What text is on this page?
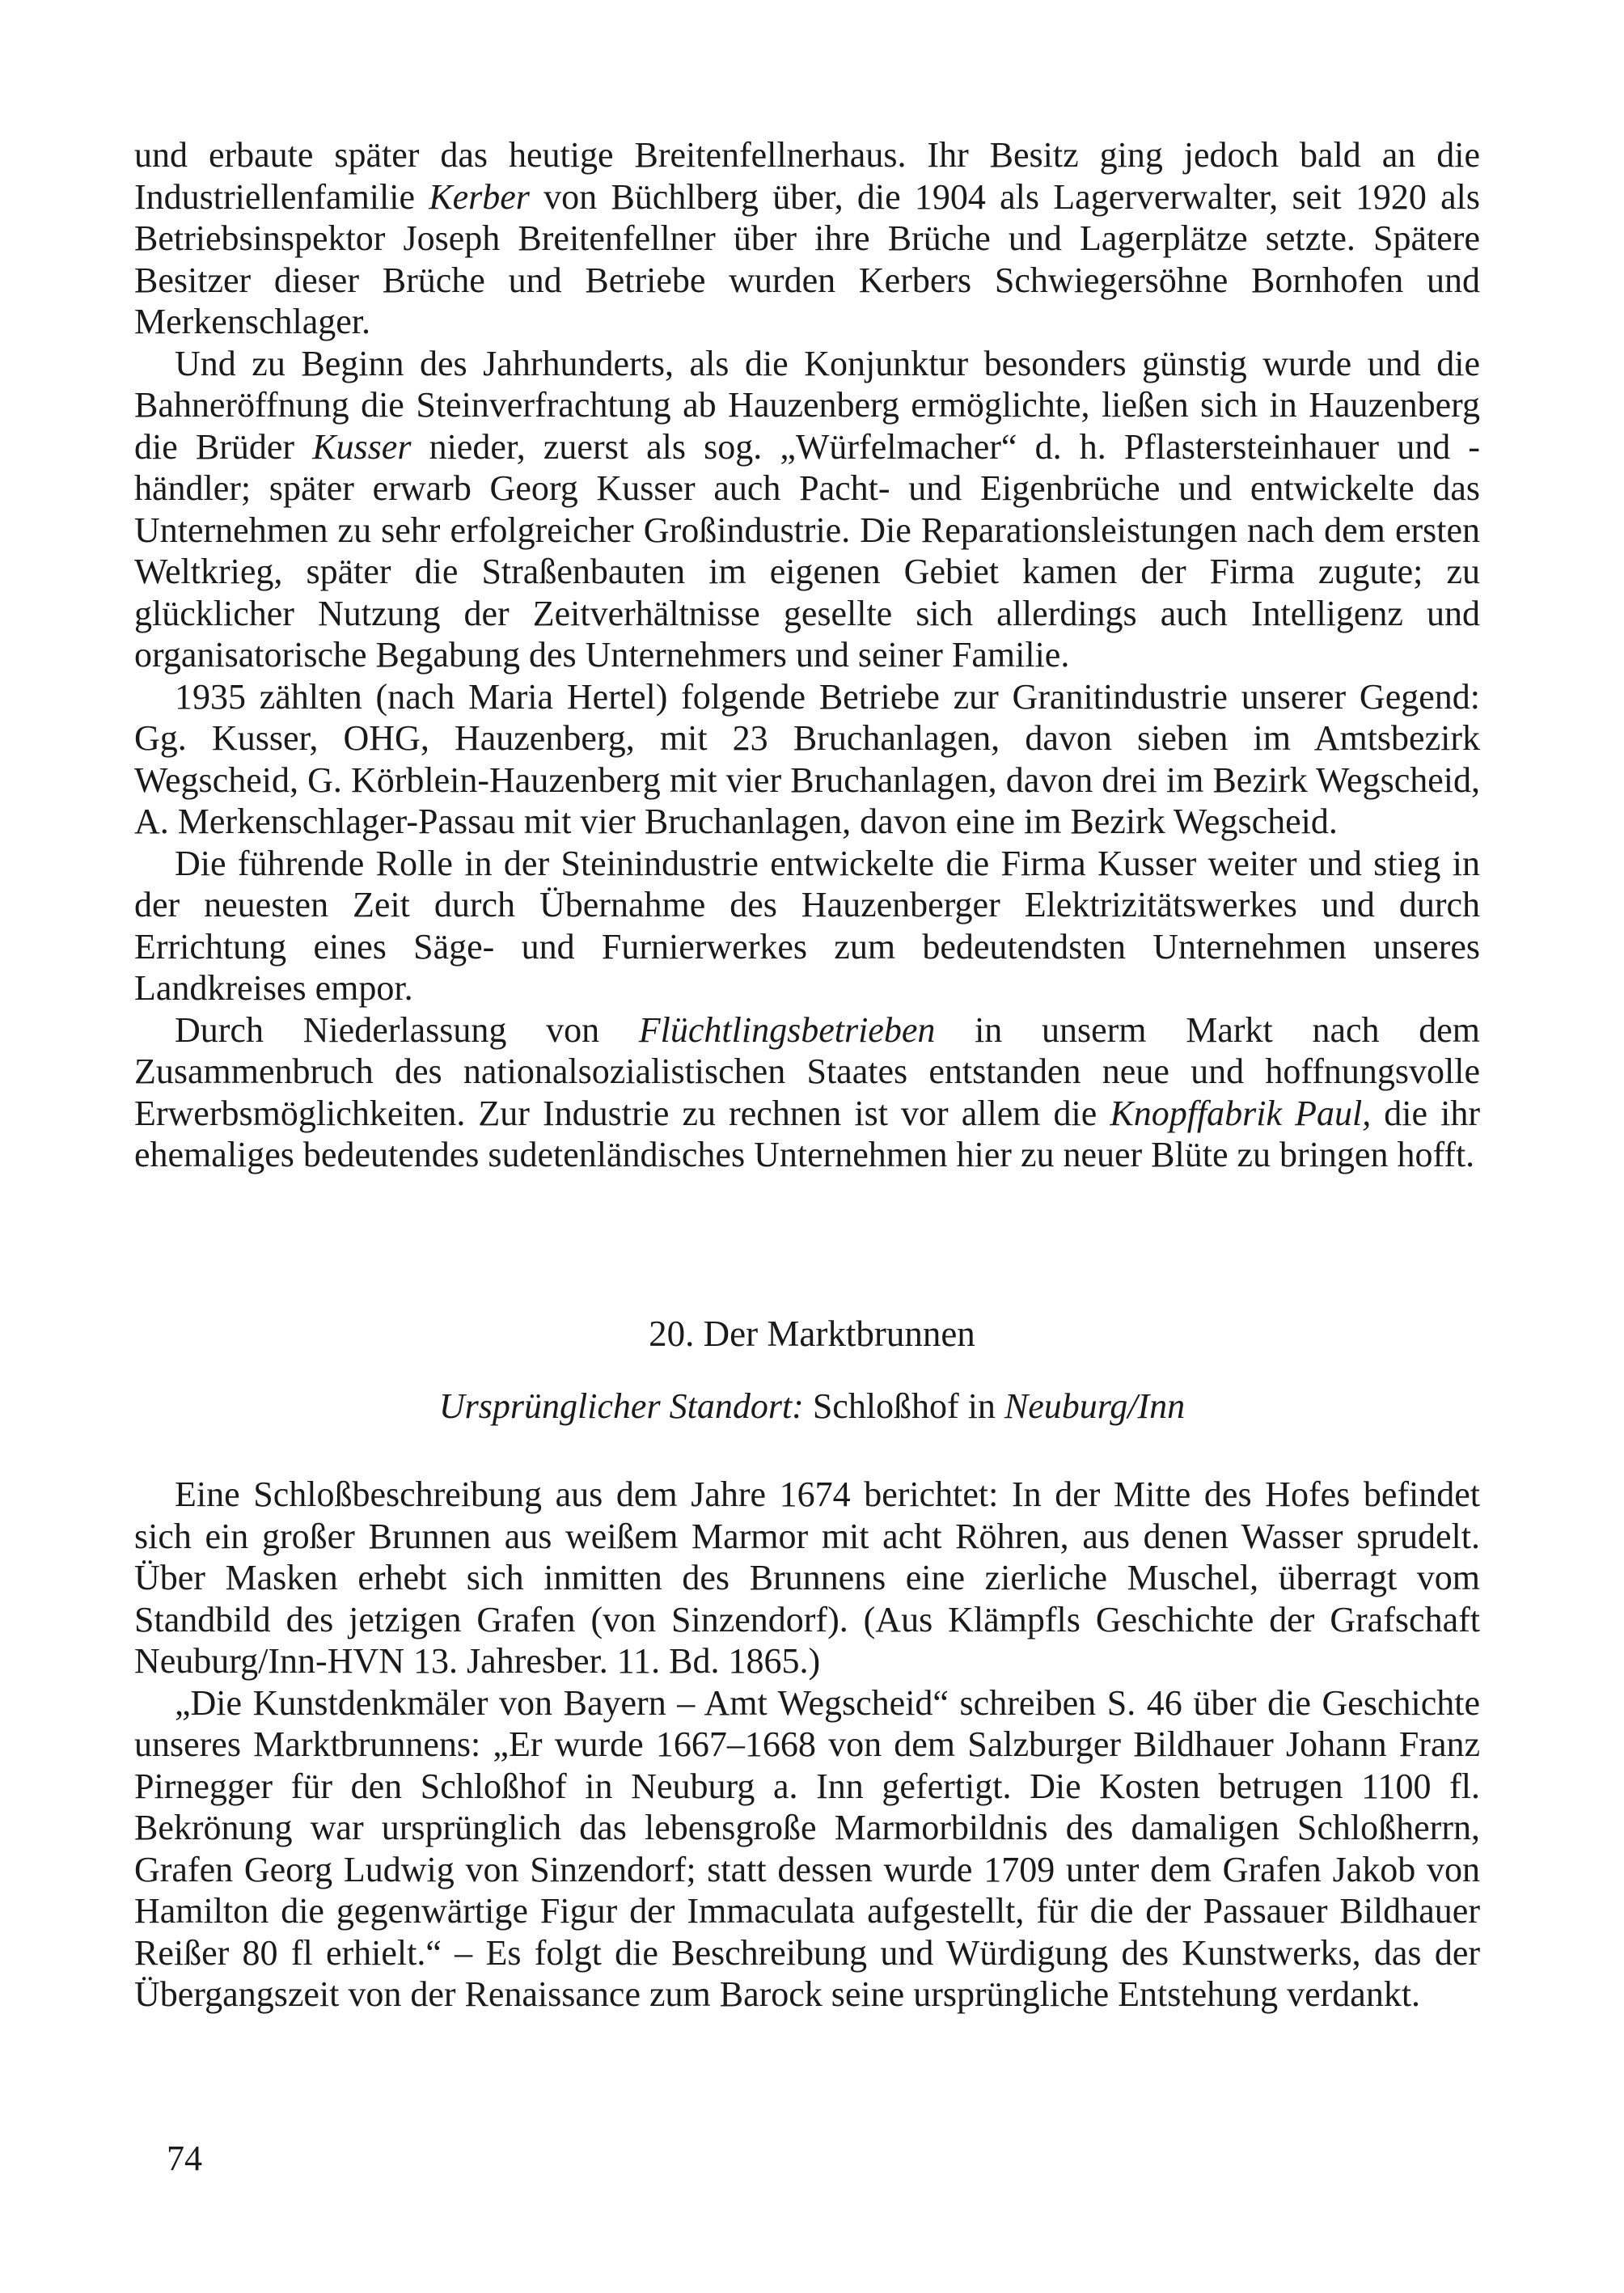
und erbaute später das heutige Breitenfellnerhaus. Ihr Besitz ging jedoch bald an die Industriellenfamilie Kerber von Büchlberg über, die 1904 als Lagerverwalter, seit 1920 als Betriebsinspektor Joseph Breitenfellner über ihre Brüche und Lagerplätze setzte. Spätere Besitzer dieser Brüche und Betriebe wurden Kerbers Schwiegersöhne Bornhofen und Merkenschlager.

Und zu Beginn des Jahrhunderts, als die Konjunktur besonders günstig wurde und die Bahneröffnung die Steinverfrachtung ab Hauzenberg ermöglichte, ließen sich in Hauzenberg die Brüder Kusser nieder, zuerst als sog. „Würfelmacher“ d. h. Pflastersteinhauer und -händler; später erwarb Georg Kusser auch Pacht- und Eigenbrüche und entwickelte das Unternehmen zu sehr erfolgreicher Großindustrie. Die Reparationsleistungen nach dem ersten Weltkrieg, später die Straßenbauten im eigenen Gebiet kamen der Firma zugute; zu glücklicher Nutzung der Zeitverhältnisse gesellte sich allerdings auch Intelligenz und organisatorische Begabung des Unternehmers und seiner Familie.

1935 zählten (nach Maria Hertel) folgende Betriebe zur Granitindustrie unserer Gegend: Gg. Kusser, OHG, Hauzenberg, mit 23 Bruchanlagen, davon sieben im Amtsbezirk Wegscheid, G. Körblein-Hauzenberg mit vier Bruchanlagen, davon drei im Bezirk Wegscheid, A. Merkenschlager-Passau mit vier Bruchanlagen, davon eine im Bezirk Wegscheid.

Die führende Rolle in der Steinindustrie entwickelte die Firma Kusser weiter und stieg in der neuesten Zeit durch Übernahme des Hauzenberger Elektrizitätswerkes und durch Errichtung eines Säge- und Furnierwerkes zum bedeutendsten Unternehmen unseres Landkreises empor.

Durch Niederlassung von Flüchtlingsbetrieben in unserm Markt nach dem Zusammenbruch des nationalsozialistischen Staates entstanden neue und hoffnungsvolle Erwerbsmöglichkeiten. Zur Industrie zu rechnen ist vor allem die Knopffabrik Paul, die ihr ehemaliges bedeutendes sudetenländisches Unternehmen hier zu neuer Blüte zu bringen hofft.

20. Der Marktbrunnen
Ursprünglicher Standort: Schloßhof in Neuburg/Inn

Eine Schloßbeschreibung aus dem Jahre 1674 berichtet: In der Mitte des Hofes befindet sich ein großer Brunnen aus weißem Marmor mit acht Röhren, aus denen Wasser sprudelt. Über Masken erhebt sich inmitten des Brunnens eine zierliche Muschel, überragt vom Standbild des jetzigen Grafen (von Sinzendorf). (Aus Klämpfls Geschichte der Grafschaft Neuburg/Inn-HVN 13. Jahresber. 11. Bd. 1865.)

„Die Kunstdenkmäler von Bayern – Amt Wegscheid“ schreiben S. 46 über die Geschichte unseres Marktbrunnens: „Er wurde 1667–1668 von dem Salzburger Bildhauer Johann Franz Pirnegger für den Schloßhof in Neuburg a. Inn gefertigt. Die Kosten betrugen 1100 fl. Bekrönung war ursprünglich das lebensgroße Marmorbildnis des damaligen Schloßherrn, Grafen Georg Ludwig von Sinzendorf; statt dessen wurde 1709 unter dem Grafen Jakob von Hamilton die gegenwärtige Figur der Immaculata aufgestellt, für die der Passauer Bildhauer Reißer 80 fl erhielt.“ – Es folgt die Beschreibung und Würdigung des Kunstwerks, das der Übergangszeit von der Renaissance zum Barock seine ursprüngliche Entstehung verdankt.

74
